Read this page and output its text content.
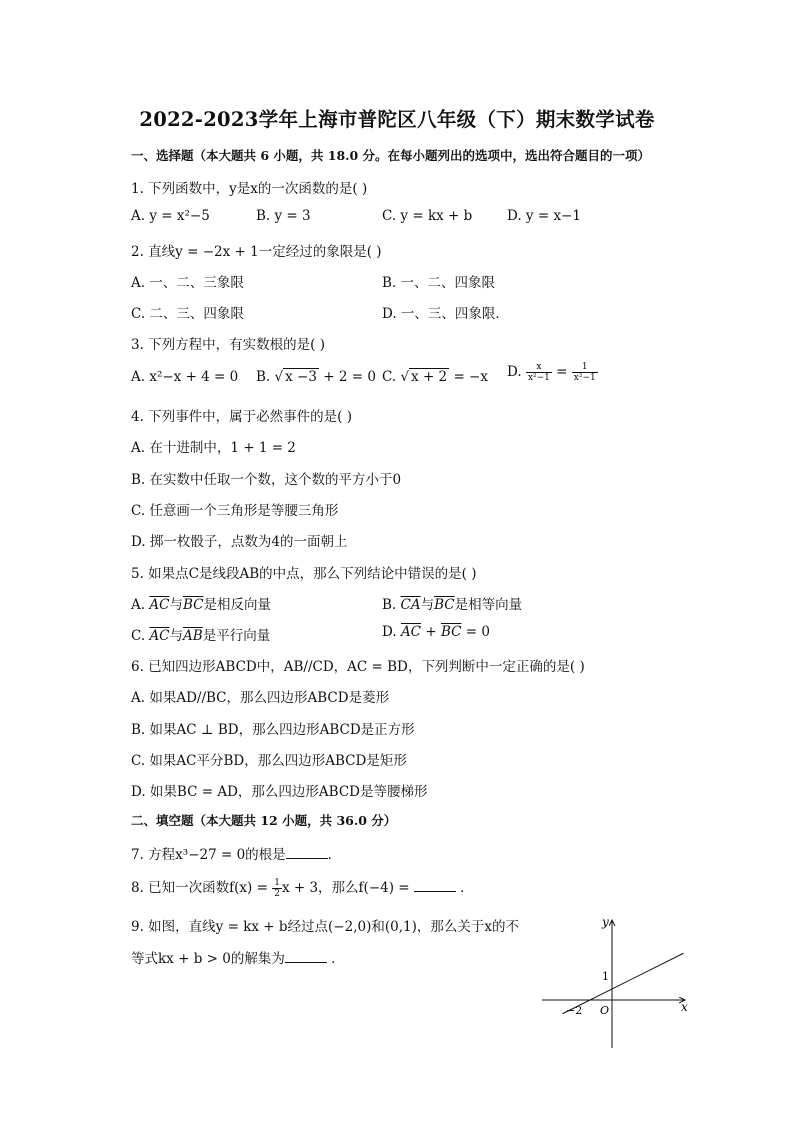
2022-2023学年上海市普陀区八年级（下）期末数学试卷
一、选择题（本大题共 6 小题，共 18.0 分。在每小题列出的选项中，选出符合题目的一项）
1. 下列函数中，y是x的一次函数的是( )
A. y = x²−5	B. y = 3	C. y = kx + b	D. y = x−1
2. 直线y = −2x + 1一定经过的象限是( )
A. 一、二、三象限	B. 一、二、四象限
C. 二、三、四象限	D. 一、三、四象限．
3. 下列方程中，有实数根的是( )
A. x²−x + 4 = 0 B. √ x −3 + 2 = 0 C. √ x + 2 = −x D. $\frac{x}{\text{x²−1}} = \frac{1}{\text{x²−1}}$
4. 下列事件中，属于必然事件的是( )
A. 在十进制中，1 + 1 = 2
B. 在实数中任取一个数，这个数的平方小于0
C. 任意画一个三角形是等腰三角形
D. 掷一枚骰子，点数为4的一面朝上
5. 如果点C是线段AB的中点，那么下列结论中错误的是( )
A. $\overline{AC}$与$\overline{BC}$是相反向量	B. $\overline{CA}$与$\overline{BC}$是相等向量
C. $\overline{AC}$与$\overline{AB}$是平行向量	D. $\overline{AC} + \overline{BC} = 0$
6. 已知四边形ABCD中，AB//CD，AC = BD，下列判断中一定正确的是( )
A. 如果AD//BC，那么四边形ABCD是菱形
B. 如果AC ⊥ BD，那么四边形ABCD是正方形
C. 如果AC平分BD，那么四边形ABCD是矩形
D. 如果BC = AD，那么四边形ABCD是等腰梯形
二、填空题（本大题共 12 小题，共 36.0 分）
7. 方程x³−27 = 0的根是	．
8. 已知一次函数$f(x) = \frac{1}{2}$ x + 3，那么f(−4) =	．
9. 如图，直线y = kx + b经过点(−2,0)和(0,1)，那么关于x的不
等式kx + b > 0的解集为	．
y
x
1
−2 O
